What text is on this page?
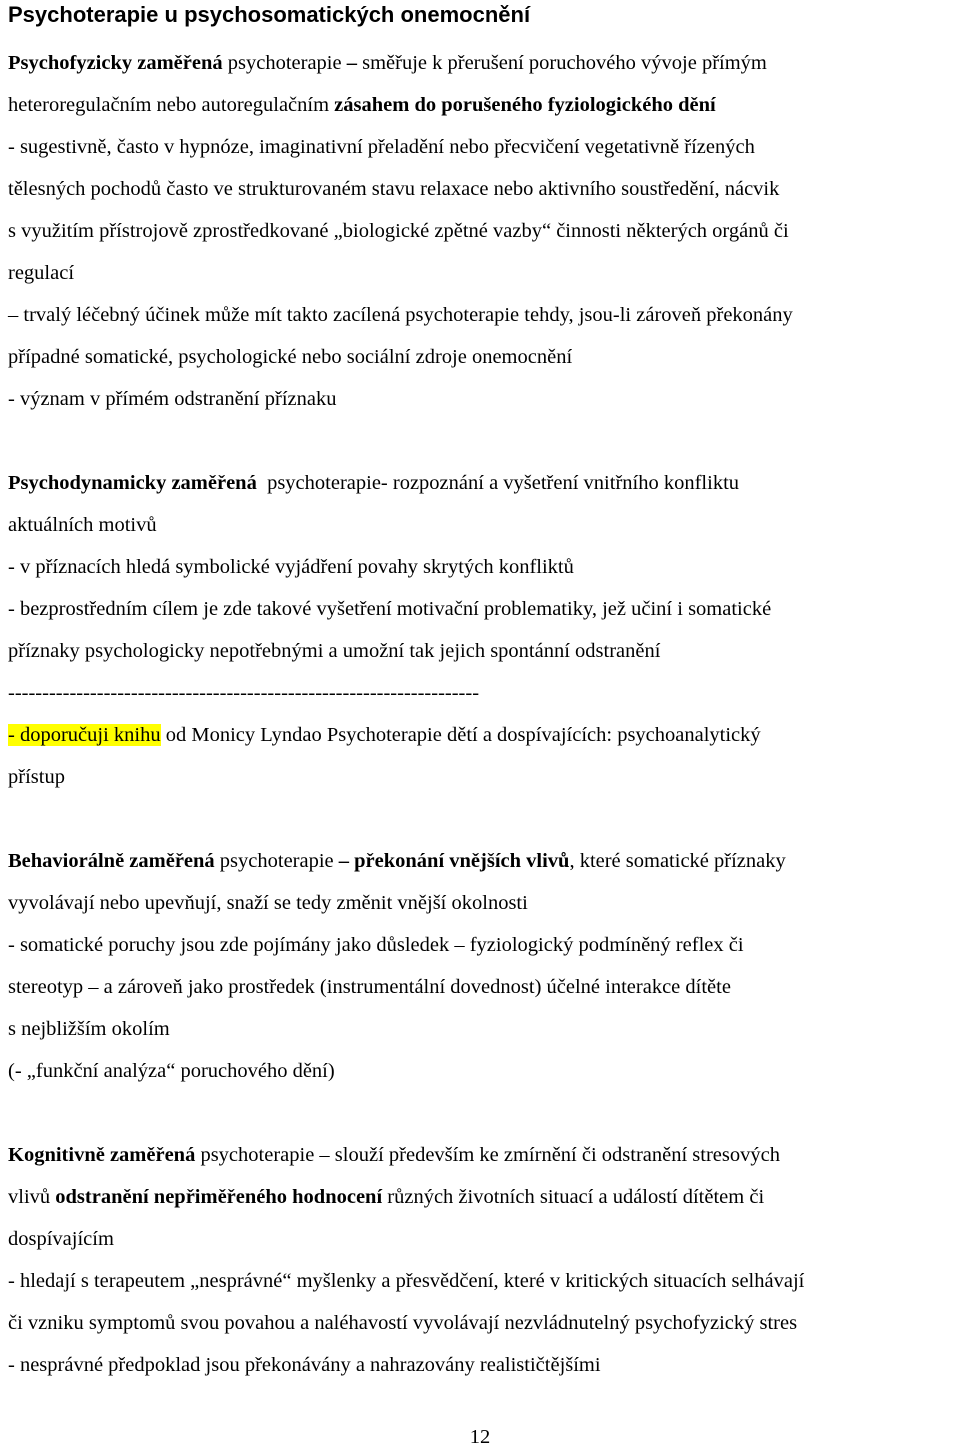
Psychoterapie u psychosomatických onemocnění
Psychofyzicky zaměřená psychoterapie – směřuje k přerušení poruchového vývoje přímým
heteroregulačním nebo autoregulačním zásahem do porušeného fyziologického dění
- sugestivně, často v hypnóze, imaginativní přeladění nebo přecvičení vegetativně řízených
tělesných pochodů často ve strukturovaném stavu relaxace nebo aktivního soustředění, nácvik
s využitím přístrojově zprostředkované „biologické zpětné vazby“ činnosti některých orgánů či
regulací
– trvalý léčebný účinek může mít takto zacílená psychoterapie tehdy, jsou-li zároveň překonány
případné somatické, psychologické nebo sociální zdroje onemocnění
- význam v přímém odstranění příznaku
Psychodynamicky zaměřená  psychoterapie- rozpoznání a vyšetření vnitřního konfliktu
aktuálních motivů
- v příznacích hledá symbolické vyjádření povahy skrytých konfliktů
- bezprostředním cílem je zde takové vyšetření motivační problematiky, jež učiní i somatické
příznaky psychologicky nepotřebnými a umožní tak jejich spontánní odstranění
---------------------------------------------------------------------
- doporučuji knihu od Monicy Lyndao Psychoterapie dětí a dospívajících: psychoanalytický
přístup
Behaviorálně zaměřená psychoterapie – překonání vnějších vlivů, které somatické příznaky
vyvolávají nebo upevňují, snaží se tedy změnit vnější okolnosti
- somatické poruchy jsou zde pojímány jako důsledek – fyziologický podmíněný reflex či
stereotyp – a zároveň jako prostředek (instrumentální dovednost) účelné interakce dítěte
s nejbližším okolím
(- „funkční analýza“ poruchového dění)
Kognitivně zaměřená psychoterapie – slouží především ke zmírnění či odstranění stresových
vlivů odstranění nepřiměřeného hodnocení různých životních situací a událostí dítětem či
dospívajícím
- hledají s terapeutem „nesprávné“ myšlenky a přesvědčení, které v kritických situacích selhávají
či vzniku symptomů svou povahou a naléhavostí vyvolávají nezvládnutelný psychofyzický stres
- nesprávné předpoklad jsou překonávány a nahrazovány realističtějšími
12
